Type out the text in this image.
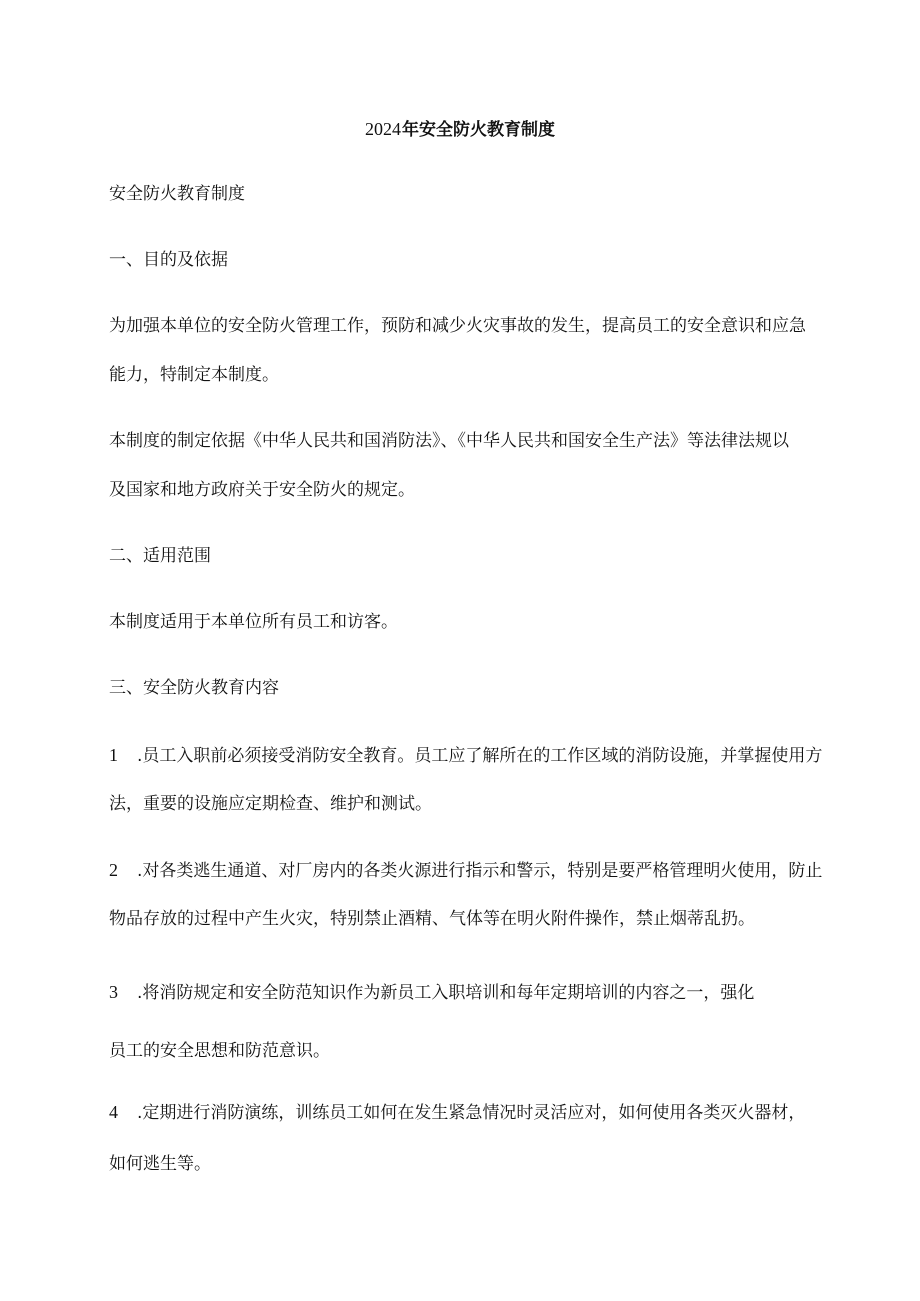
2024年安全防火教育制度
安全防火教育制度
一、目的及依据
为加强本单位的安全防火管理工作，预防和减少火灾事故的发生，提高员工的安全意识和应急
能力，特制定本制度。
本制度的制定依据《中华人民共和国消防法》、《中华人民共和国安全生产法》等法律法规以
及国家和地方政府关于安全防火的规定。
二、适用范围
本制度适用于本单位所有员工和访客。
三、安全防火教育内容
1 .员工入职前必须接受消防安全教育。员工应了解所在的工作区域的消防设施，并掌握使用方
法，重要的设施应定期检查、维护和测试。
2 .对各类逃生通道、对厂房内的各类火源进行指示和警示，特别是要严格管理明火使用，防止
物品存放的过程中产生火灾，特别禁止酒精、气体等在明火附件操作，禁止烟蒂乱扔。
3 .将消防规定和安全防范知识作为新员工入职培训和每年定期培训的内容之一，强化
员工的安全思想和防范意识。
4 .定期进行消防演练，训练员工如何在发生紧急情况时灵活应对，如何使用各类灭火器材，
如何逃生等。
